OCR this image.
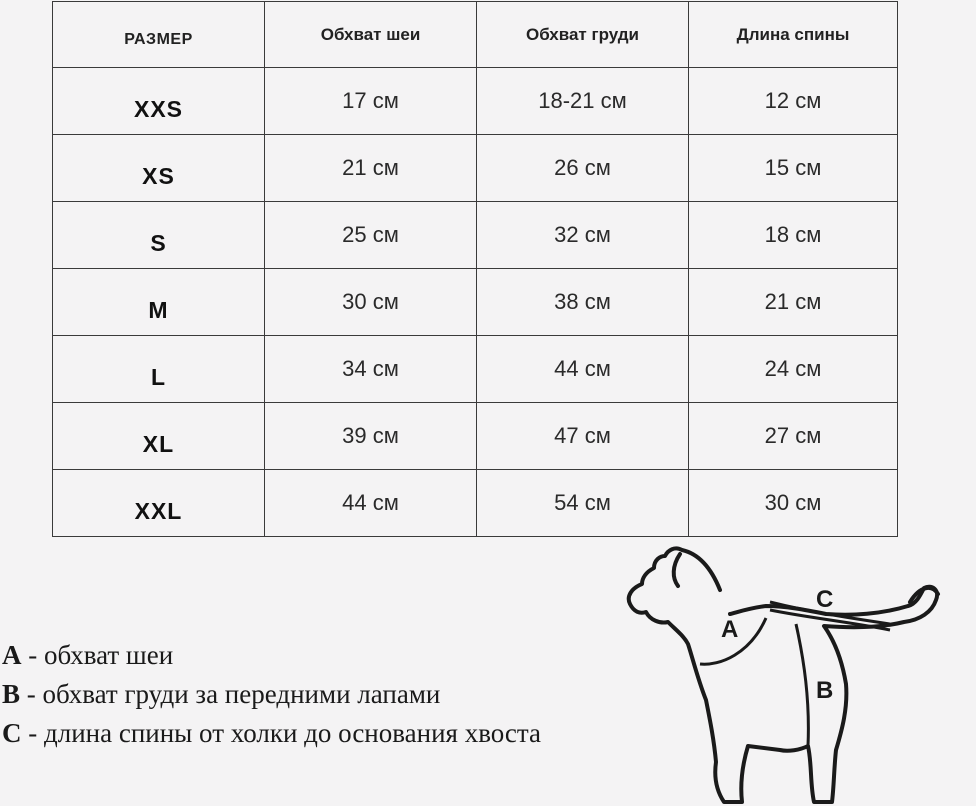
РАЗМЕР	Обхват шеи	Обхват груди	Длина спины
XXS	17 см	18-21 см	12 см
XS	21 см	26 см	15 см
S	25 см	32 см	18 см
M	30 см	38 см	21 см
L	34 см	44 см	24 см
XL	39 см	47 см	27 см
XXL	44 см	54 см	30 см
A - обхват шеи
B - обхват груди за передними лапами
C - длина спины от холки до основания хвоста
A
B
C
